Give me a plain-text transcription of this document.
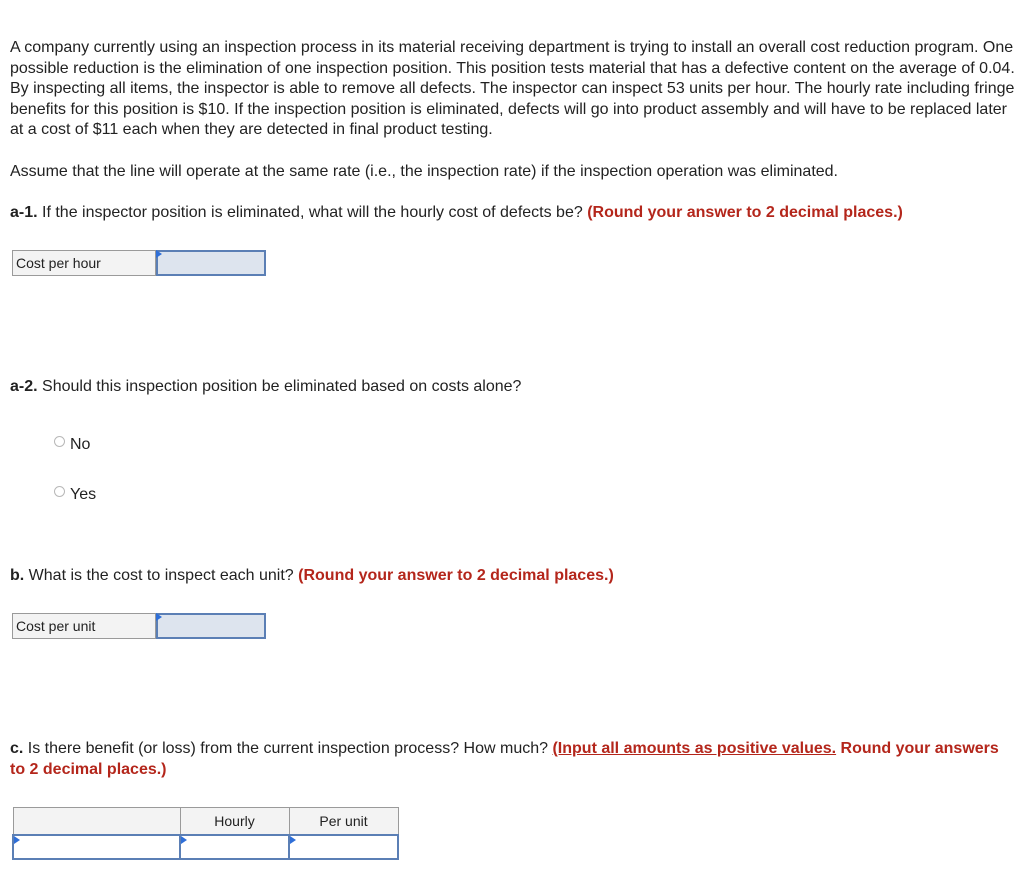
A company currently using an inspection process in its material receiving department is trying to install an overall cost reduction program. One possible reduction is the elimination of one inspection position. This position tests material that has a defective content on the average of 0.04. By inspecting all items, the inspector is able to remove all defects. The inspector can inspect 53 units per hour. The hourly rate including fringe benefits for this position is $10. If the inspection position is eliminated, defects will go into product assembly and will have to be replaced later at a cost of $11 each when they are detected in final product testing.

Assume that the line will operate at the same rate (i.e., the inspection rate) if the inspection operation was eliminated.

a-1. If the inspector position is eliminated, what will the hourly cost of defects be? (Round your answer to 2 decimal places.)

Cost per hour

a-2. Should this inspection position be eliminated based on costs alone?

No
Yes

b. What is the cost to inspect each unit? (Round your answer to 2 decimal places.)

Cost per unit

c. Is there benefit (or loss) from the current inspection process? How much? (Input all amounts as positive values. Round your answers to 2 decimal places.)

	Hourly	Per unit
